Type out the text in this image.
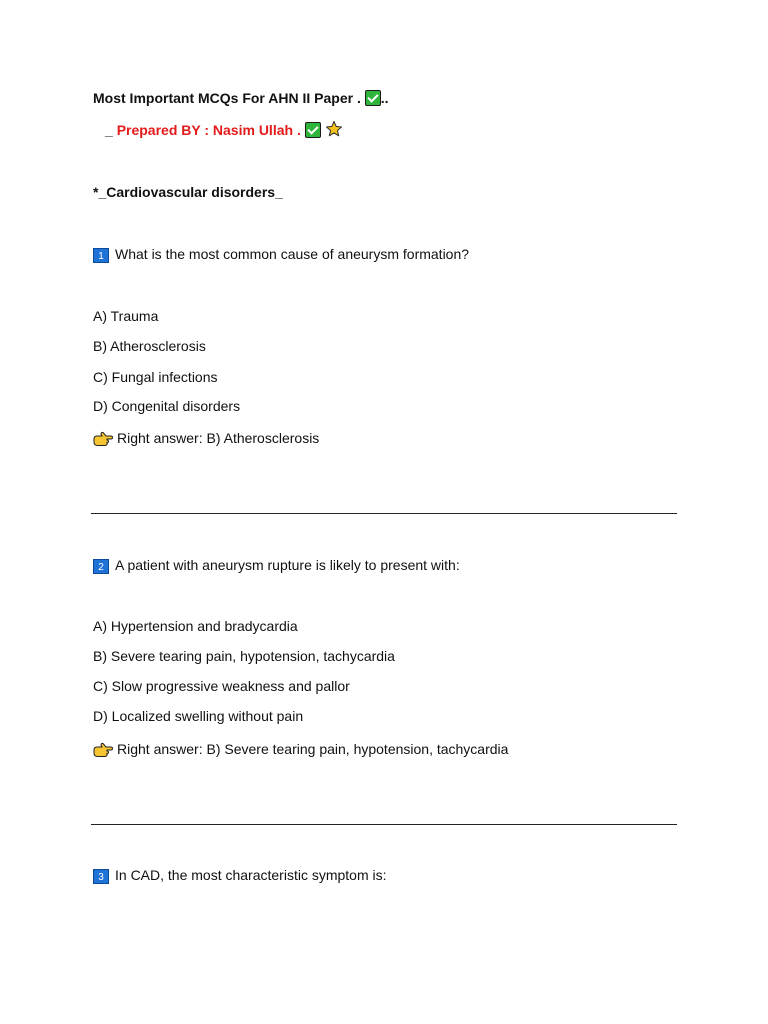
Most Important MCQs For AHN II Paper . ..
_ Prepared BY : Nasim Ullah .
*_Cardiovascular disorders_
1 What is the most common cause of aneurysm formation?
A) Trauma
B) Atherosclerosis
C) Fungal infections
D) Congenital disorders
Right answer: B) Atherosclerosis
2 A patient with aneurysm rupture is likely to present with:
A) Hypertension and bradycardia
B) Severe tearing pain, hypotension, tachycardia
C) Slow progressive weakness and pallor
D) Localized swelling without pain
Right answer: B) Severe tearing pain, hypotension, tachycardia
3 In CAD, the most characteristic symptom is:
